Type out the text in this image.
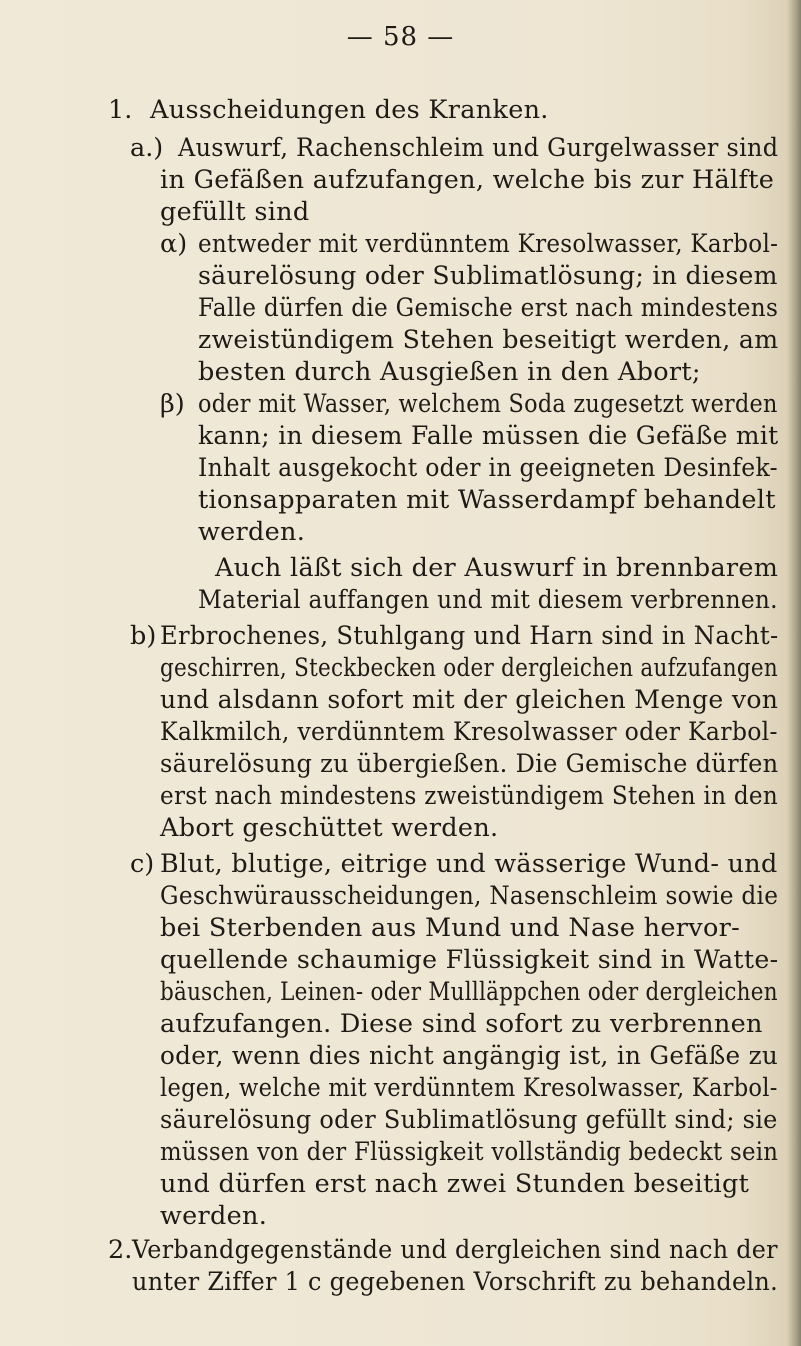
— 58 —
1. Ausscheidungen des Kranken.
a.) Auswurf, Rachenschleim und Gurgelwasser sind
in Gefäßen aufzufangen, welche bis zur Hälfte
gefüllt sind
α) entweder mit verdünntem Kresolwasser, Karbol-
säurelösung oder Sublimatlösung; in diesem
Falle dürfen die Gemische erst nach mindestens
zweistündigem Stehen beseitigt werden, am
besten durch Ausgießen in den Abort;
β) oder mit Wasser, welchem Soda zugesetzt werden
kann; in diesem Falle müssen die Gefäße mit
Inhalt ausgekocht oder in geeigneten Desinfek-
tionsapparaten mit Wasserdampf behandelt
werden.
Auch läßt sich der Auswurf in brennbarem
Material auffangen und mit diesem verbrennen.
b) Erbrochenes, Stuhlgang und Harn sind in Nacht-
geschirren, Steckbecken oder dergleichen aufzufangen
und alsdann sofort mit der gleichen Menge von
Kalkmilch, verdünntem Kresolwasser oder Karbol-
säurelösung zu übergießen. Die Gemische dürfen
erst nach mindestens zweistündigem Stehen in den
Abort geschüttet werden.
c) Blut, blutige, eitrige und wässerige Wund- und
Geschwürausscheidungen, Nasenschleim sowie die
bei Sterbenden aus Mund und Nase hervor-
quellende schaumige Flüssigkeit sind in Watte-
bäuschen, Leinen- oder Mullläppchen oder dergleichen
aufzufangen. Diese sind sofort zu verbrennen
oder, wenn dies nicht angängig ist, in Gefäße zu
legen, welche mit verdünntem Kresolwasser, Karbol-
säurelösung oder Sublimatlösung gefüllt sind; sie
müssen von der Flüssigkeit vollständig bedeckt sein
und dürfen erst nach zwei Stunden beseitigt
werden.
2. Verbandgegenstände und dergleichen sind nach der
unter Ziffer 1 c gegebenen Vorschrift zu behandeln.
